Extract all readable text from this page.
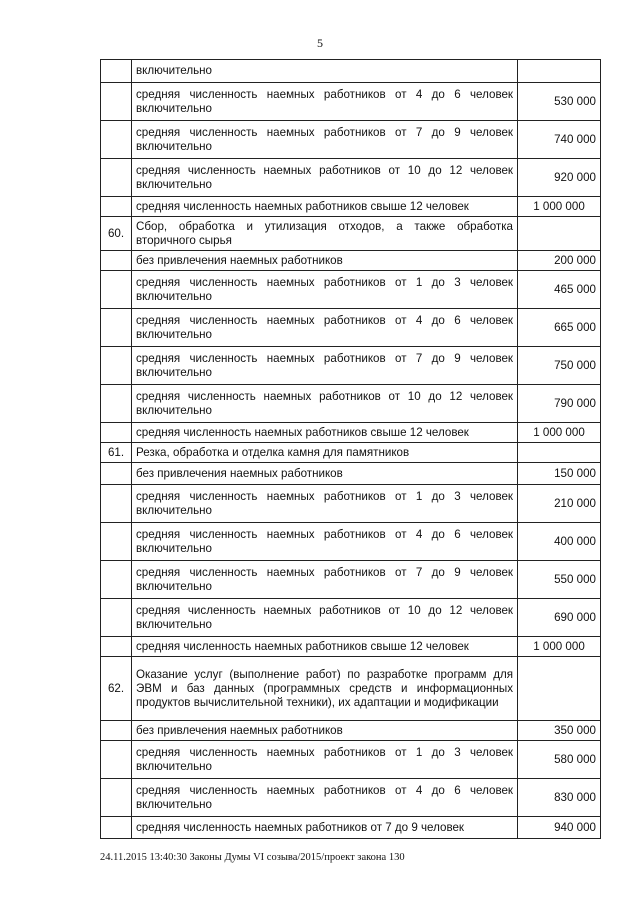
5
	включительно	
	средняя численность наемных работников от 4 до 6 человек включительно	530 000
	средняя численность наемных работников от 7 до 9 человек включительно	740 000
	средняя численность наемных работников от 10 до 12 человек включительно	920 000
	средняя численность наемных работников свыше 12 человек	1 000 000
60.	Сбор, обработка и утилизация отходов, а также обработка вторичного сырья	
	без привлечения наемных работников	200 000
	средняя численность наемных работников от 1 до 3 человек включительно	465 000
	средняя численность наемных работников от 4 до 6 человек включительно	665 000
	средняя численность наемных работников от 7 до 9 человек включительно	750 000
	средняя численность наемных работников от 10 до 12 человек включительно	790 000
	средняя численность наемных работников свыше 12 человек	1 000 000
61.	Резка, обработка и отделка камня для памятников	
	без привлечения наемных работников	150 000
	средняя численность наемных работников от 1 до 3 человек включительно	210 000
	средняя численность наемных работников от 4 до 6 человек включительно	400 000
	средняя численность наемных работников от 7 до 9 человек включительно	550 000
	средняя численность наемных работников от 10 до 12 человек включительно	690 000
	средняя численность наемных работников свыше 12 человек	1 000 000
62.	Оказание услуг (выполнение работ) по разработке программ для ЭВМ и баз данных (программных средств и информационных продуктов вычислительной техники), их адаптации и модификации	
	без привлечения наемных работников	350 000
	средняя численность наемных работников от 1 до 3 человек включительно	580 000
	средняя численность наемных работников от 4 до 6 человек включительно	830 000
	средняя численность наемных работников от 7 до 9 человек	940 000
24.11.2015 13:40:30 Законы Думы VI созыва/2015/проект закона 130
